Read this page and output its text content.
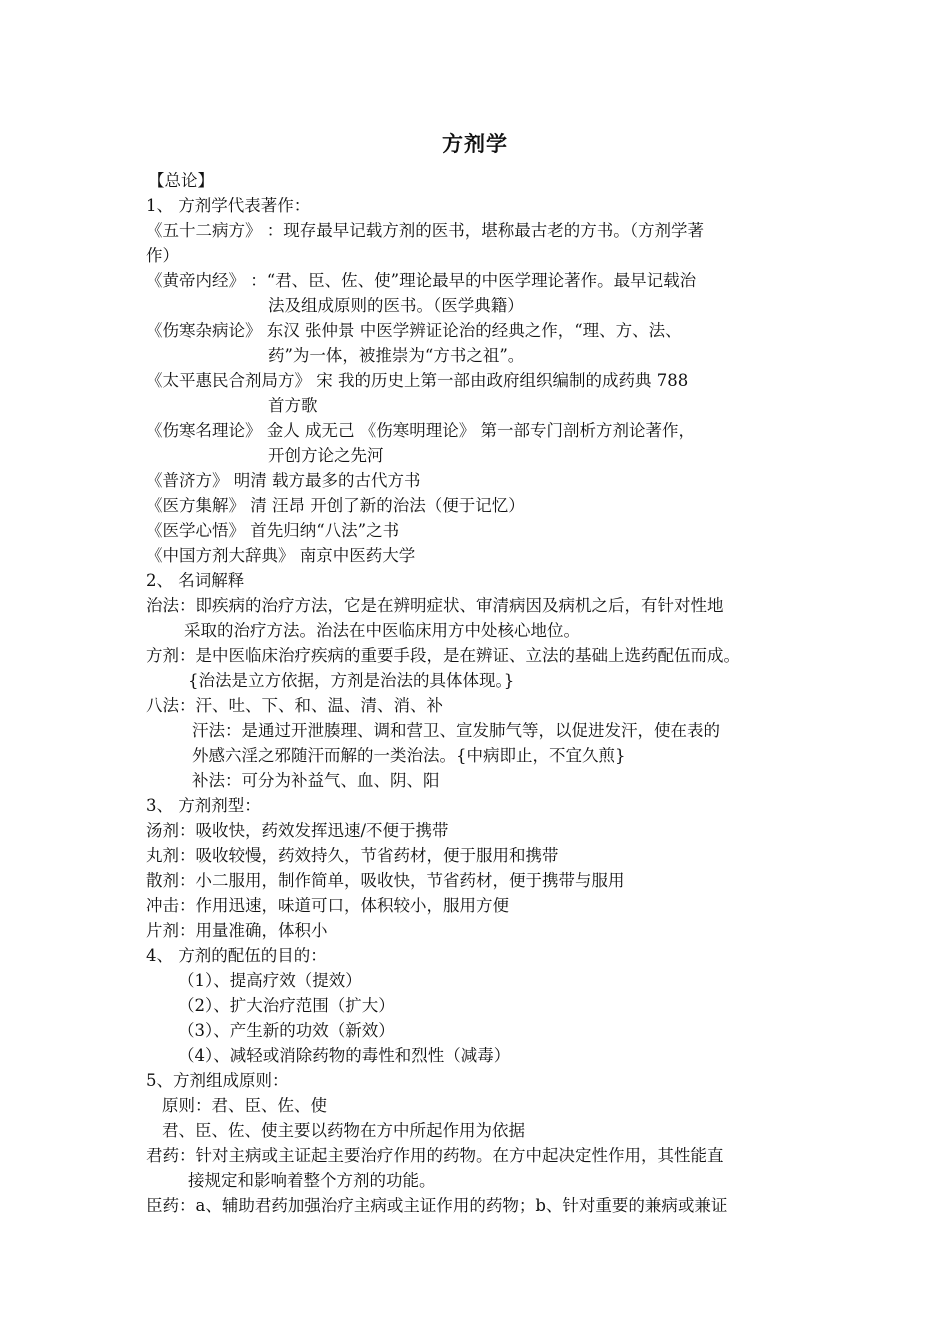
方剂学
【总论】
1、 方剂学代表著作：
《五十二病方》 ：现存最早记载方剂的医书，堪称最古老的方书。（方剂学著
作）
《黄帝内经》 ：“君、臣、佐、使”理论最早的中医学理论著作。最早记载治
法及组成原则的医书。（医学典籍）
《伤寒杂病论》 东汉 张仲景 中医学辨证论治的经典之作，“理、方、法、
药”为一体，被推崇为“方书之祖”。
《太平惠民合剂局方》 宋 我的历史上第一部由政府组织编制的成药典 788
首方歌
《伤寒名理论》 金人 成无己 《伤寒明理论》 第一部专门剖析方剂论著作，
开创方论之先河
《普济方》 明清 载方最多的古代方书
《医方集解》 清 汪昂 开创了新的治法（便于记忆）
《医学心悟》 首先归纳“八法”之书
《中国方剂大辞典》 南京中医药大学
2、 名词解释
治法：即疾病的治疗方法，它是在辨明症状、审清病因及病机之后，有针对性地
采取的治疗方法。治法在中医临床用方中处核心地位。
方剂：是中医临床治疗疾病的重要手段，是在辨证、立法的基础上选药配伍而成。
{治法是立方依据，方剂是治法的具体体现。}
八法：汗、吐、下、和、温、清、消、补
汗法：是通过开泄腠理、调和营卫、宣发肺气等，以促进发汗，使在表的
外感六淫之邪随汗而解的一类治法。{中病即止，不宜久煎}
补法：可分为补益气、血、阴、阳
3、 方剂剂型：
汤剂：吸收快，药效发挥迅速/不便于携带
丸剂：吸收较慢，药效持久，节省药材，便于服用和携带
散剂：小二服用，制作简单，吸收快，节省药材，便于携带与服用
冲击：作用迅速，味道可口，体积较小，服用方便
片剂：用量准确，体积小
4、 方剂的配伍的目的：
（1）、提高疗效（提效）
（2）、扩大治疗范围（扩大）
（3）、产生新的功效（新效）
（4）、减轻或消除药物的毒性和烈性（减毒）
5、方剂组成原则：
原则：君、臣、佐、使
君、臣、佐、使主要以药物在方中所起作用为依据
君药：针对主病或主证起主要治疗作用的药物。在方中起决定性作用，其性能直
接规定和影响着整个方剂的功能。
臣药：a、辅助君药加强治疗主病或主证作用的药物；b、针对重要的兼病或兼证
